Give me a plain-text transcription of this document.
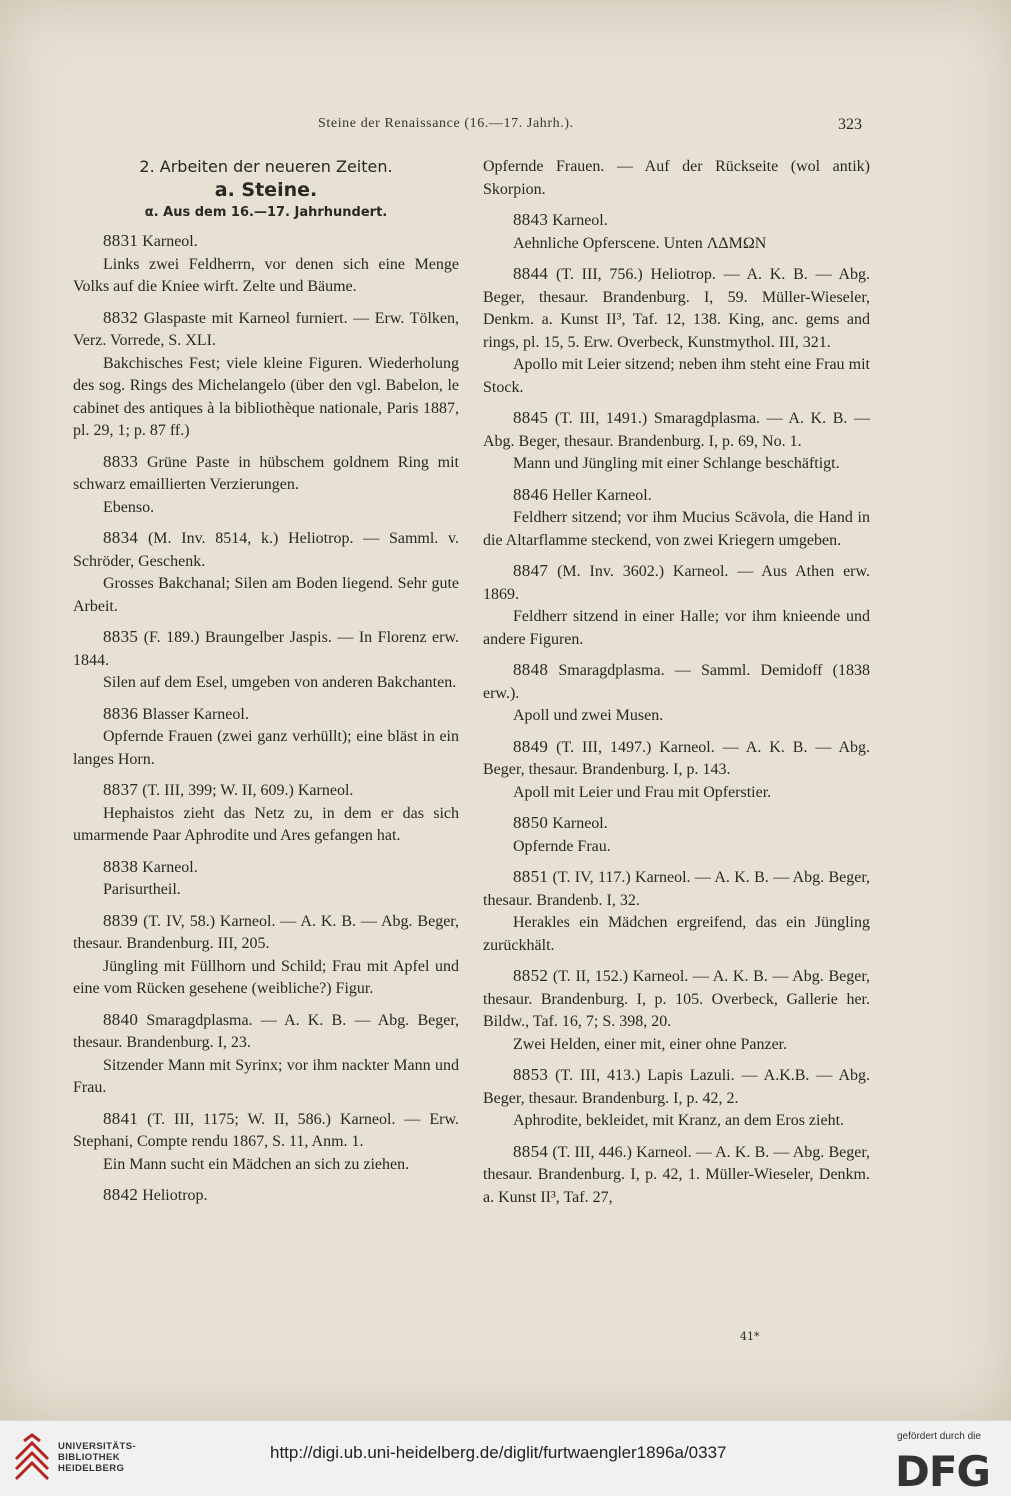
Steine der Renaissance (16.—17. Jahrh.).	323

2. Arbeiten der neueren Zeiten.

a. Steine.

α. Aus dem 16.—17. Jahrhundert.

8831 Karneol.

Links zwei Feldherrn, vor denen sich eine Menge Volks auf die Kniee wirft. Zelte und Bäume.

8832 Glaspaste mit Karneol furniert. — Erw. Tölken, Verz. Vorrede, S. XLI.

Bakchisches Fest; viele kleine Figuren. Wiederholung des sog. Rings des Michelangelo (über den vgl. Babelon, le cabinet des antiques à la bibliothèque nationale, Paris 1887, pl. 29, 1; p. 87 ff.)

8833 Grüne Paste in hübschem goldnem Ring mit schwarz emaillierten Verzierungen.

Ebenso.

8834 (M. Inv. 8514, k.) Heliotrop. — Samml. v. Schröder, Geschenk.

Grosses Bakchanal; Silen am Boden liegend. Sehr gute Arbeit.

8835 (F. 189.) Braungelber Jaspis. — In Florenz erw. 1844.

Silen auf dem Esel, umgeben von anderen Bakchanten.

8836 Blasser Karneol.

Opfernde Frauen (zwei ganz verhüllt); eine bläst in ein langes Horn.

8837 (T. III, 399; W. II, 609.) Karneol.

Hephaistos zieht das Netz zu, in dem er das sich umarmende Paar Aphrodite und Ares gefangen hat.

8838 Karneol.

Parisurtheil.

8839 (T. IV, 58.) Karneol. — A. K. B. — Abg. Beger, thesaur. Brandenburg. III, 205.

Jüngling mit Füllhorn und Schild; Frau mit Apfel und eine vom Rücken gesehene (weibliche?) Figur.

8840 Smaragdplasma. — A. K. B. — Abg. Beger, thesaur. Brandenburg. I, 23.

Sitzender Mann mit Syrinx; vor ihm nackter Mann und Frau.

8841 (T. III, 1175; W. II, 586.) Karneol. — Erw. Stephani, Compte rendu 1867, S. 11, Anm. 1.

Ein Mann sucht ein Mädchen an sich zu ziehen.

8842 Heliotrop.

Opfernde Frauen. — Auf der Rückseite (wol antik) Skorpion.

8843 Karneol.

Aehnliche Opferscene. Unten ΛΔΜΩΝ

8844 (T. III, 756.) Heliotrop. — A. K. B. — Abg. Beger, thesaur. Brandenburg. I, 59. Müller-Wieseler, Denkm. a. Kunst II³, Taf. 12, 138. King, anc. gems and rings, pl. 15, 5. Erw. Overbeck, Kunstmythol. III, 321.

Apollo mit Leier sitzend; neben ihm steht eine Frau mit Stock.

8845 (T. III, 1491.) Smaragdplasma. — A. K. B. — Abg. Beger, thesaur. Brandenburg. I, p. 69, No. 1.

Mann und Jüngling mit einer Schlange beschäftigt.

8846 Heller Karneol.

Feldherr sitzend; vor ihm Mucius Scävola, die Hand in die Altarflamme steckend, von zwei Kriegern umgeben.

8847 (M. Inv. 3602.) Karneol. — Aus Athen erw. 1869.

Feldherr sitzend in einer Halle; vor ihm knieende und andere Figuren.

8848 Smaragdplasma. — Samml. Demidoff (1838 erw.).

Apoll und zwei Musen.

8849 (T. III, 1497.) Karneol. — A. K. B. — Abg. Beger, thesaur. Brandenburg. I, p. 143.

Apoll mit Leier und Frau mit Opferstier.

8850 Karneol.

Opfernde Frau.

8851 (T. IV, 117.) Karneol. — A. K. B. — Abg. Beger, thesaur. Brandenb. I, 32.

Herakles ein Mädchen ergreifend, das ein Jüngling zurückhält.

8852 (T. II, 152.) Karneol. — A. K. B. — Abg. Beger, thesaur. Brandenburg. I, p. 105. Overbeck, Gallerie her. Bildw., Taf. 16, 7; S. 398, 20.

Zwei Helden, einer mit, einer ohne Panzer.

8853 (T. III, 413.) Lapis Lazuli. — A.K.B. — Abg. Beger, thesaur. Brandenburg. I, p. 42, 2.

Aphrodite, bekleidet, mit Kranz, an dem Eros zieht.

8854 (T. III, 446.) Karneol. — A. K. B. — Abg. Beger, thesaur. Brandenburg. I, p. 42, 1. Müller-Wieseler, Denkm. a. Kunst II³, Taf. 27,

41*
UNIVERSITÄTS-
BIBLIOTHEK
HEIDELBERG
http://digi.ub.uni-heidelberg.de/diglit/furtwaengler1896a/0337
gefördert durch die
DFG
